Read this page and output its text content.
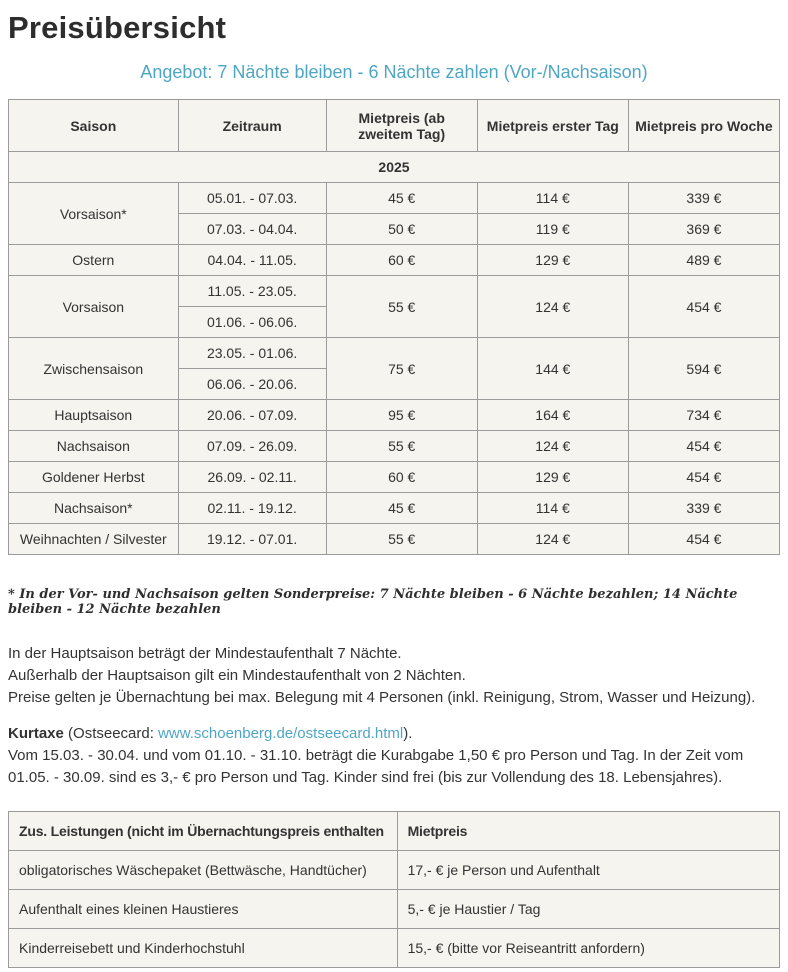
Preisübersicht
Angebot: 7 Nächte bleiben - 6 Nächte zahlen (Vor-/Nachsaison)
Saison	Zeitraum	Mietpreis (ab zweitem Tag)	Mietpreis erster Tag	Mietpreis pro Woche
2025				
Vorsaison*	05.01. - 07.03.	45 €	114 €	339 €
	07.03. - 04.04.	50 €	119 €	369 €
Ostern	04.04. - 11.05.	60 €	129 €	489 €
Vorsaison	11.05. - 23.05.	55 €	124 €	454 €
	01.06. - 06.06.			
Zwischensaison	23.05. - 01.06.	75 €	144 €	594 €
	06.06. - 20.06.			
Hauptsaison	20.06. - 07.09.	95 €	164 €	734 €
Nachsaison	07.09. - 26.09.	55 €	124 €	454 €
Goldener Herbst	26.09. - 02.11.	60 €	129 €	454 €
Nachsaison*	02.11. - 19.12.	45 €	114 €	339 €
Weihnachten / Silvester	19.12. - 07.01.	55 €	124 €	454 €

* In der Vor- und Nachsaison gelten Sonderpreise: 7 Nächte bleiben - 6 Nächte bezahlen; 14 Nächte bleiben - 12 Nächte bezahlen

In der Hauptsaison beträgt der Mindestaufenthalt 7 Nächte.
Außerhalb der Hauptsaison gilt ein Mindestaufenthalt von 2 Nächten.
Preise gelten je Übernachtung bei max. Belegung mit 4 Personen (inkl. Reinigung, Strom, Wasser und Heizung).
Kurtaxe (Ostseecard: www.schoenberg.de/ostseecard.html).
Vom 15.03. - 30.04. und vom 01.10. - 31.10. beträgt die Kurabgabe 1,50 € pro Person und Tag. In der Zeit vom 01.05. - 30.09. sind es 3,- € pro Person und Tag. Kinder sind frei (bis zur Vollendung des 18. Lebensjahres).
Zus. Leistungen (nicht im Übernachtungspreis enthalten	Mietpreis
obligatorisches Wäschepaket (Bettwäsche, Handtücher)	17,- € je Person und Aufenthalt
Aufenthalt eines kleinen Haustieres	5,- € je Haustier / Tag
Kinderreisebett und Kinderhochstuhl	15,- € (bitte vor Reiseantritt anfordern)
